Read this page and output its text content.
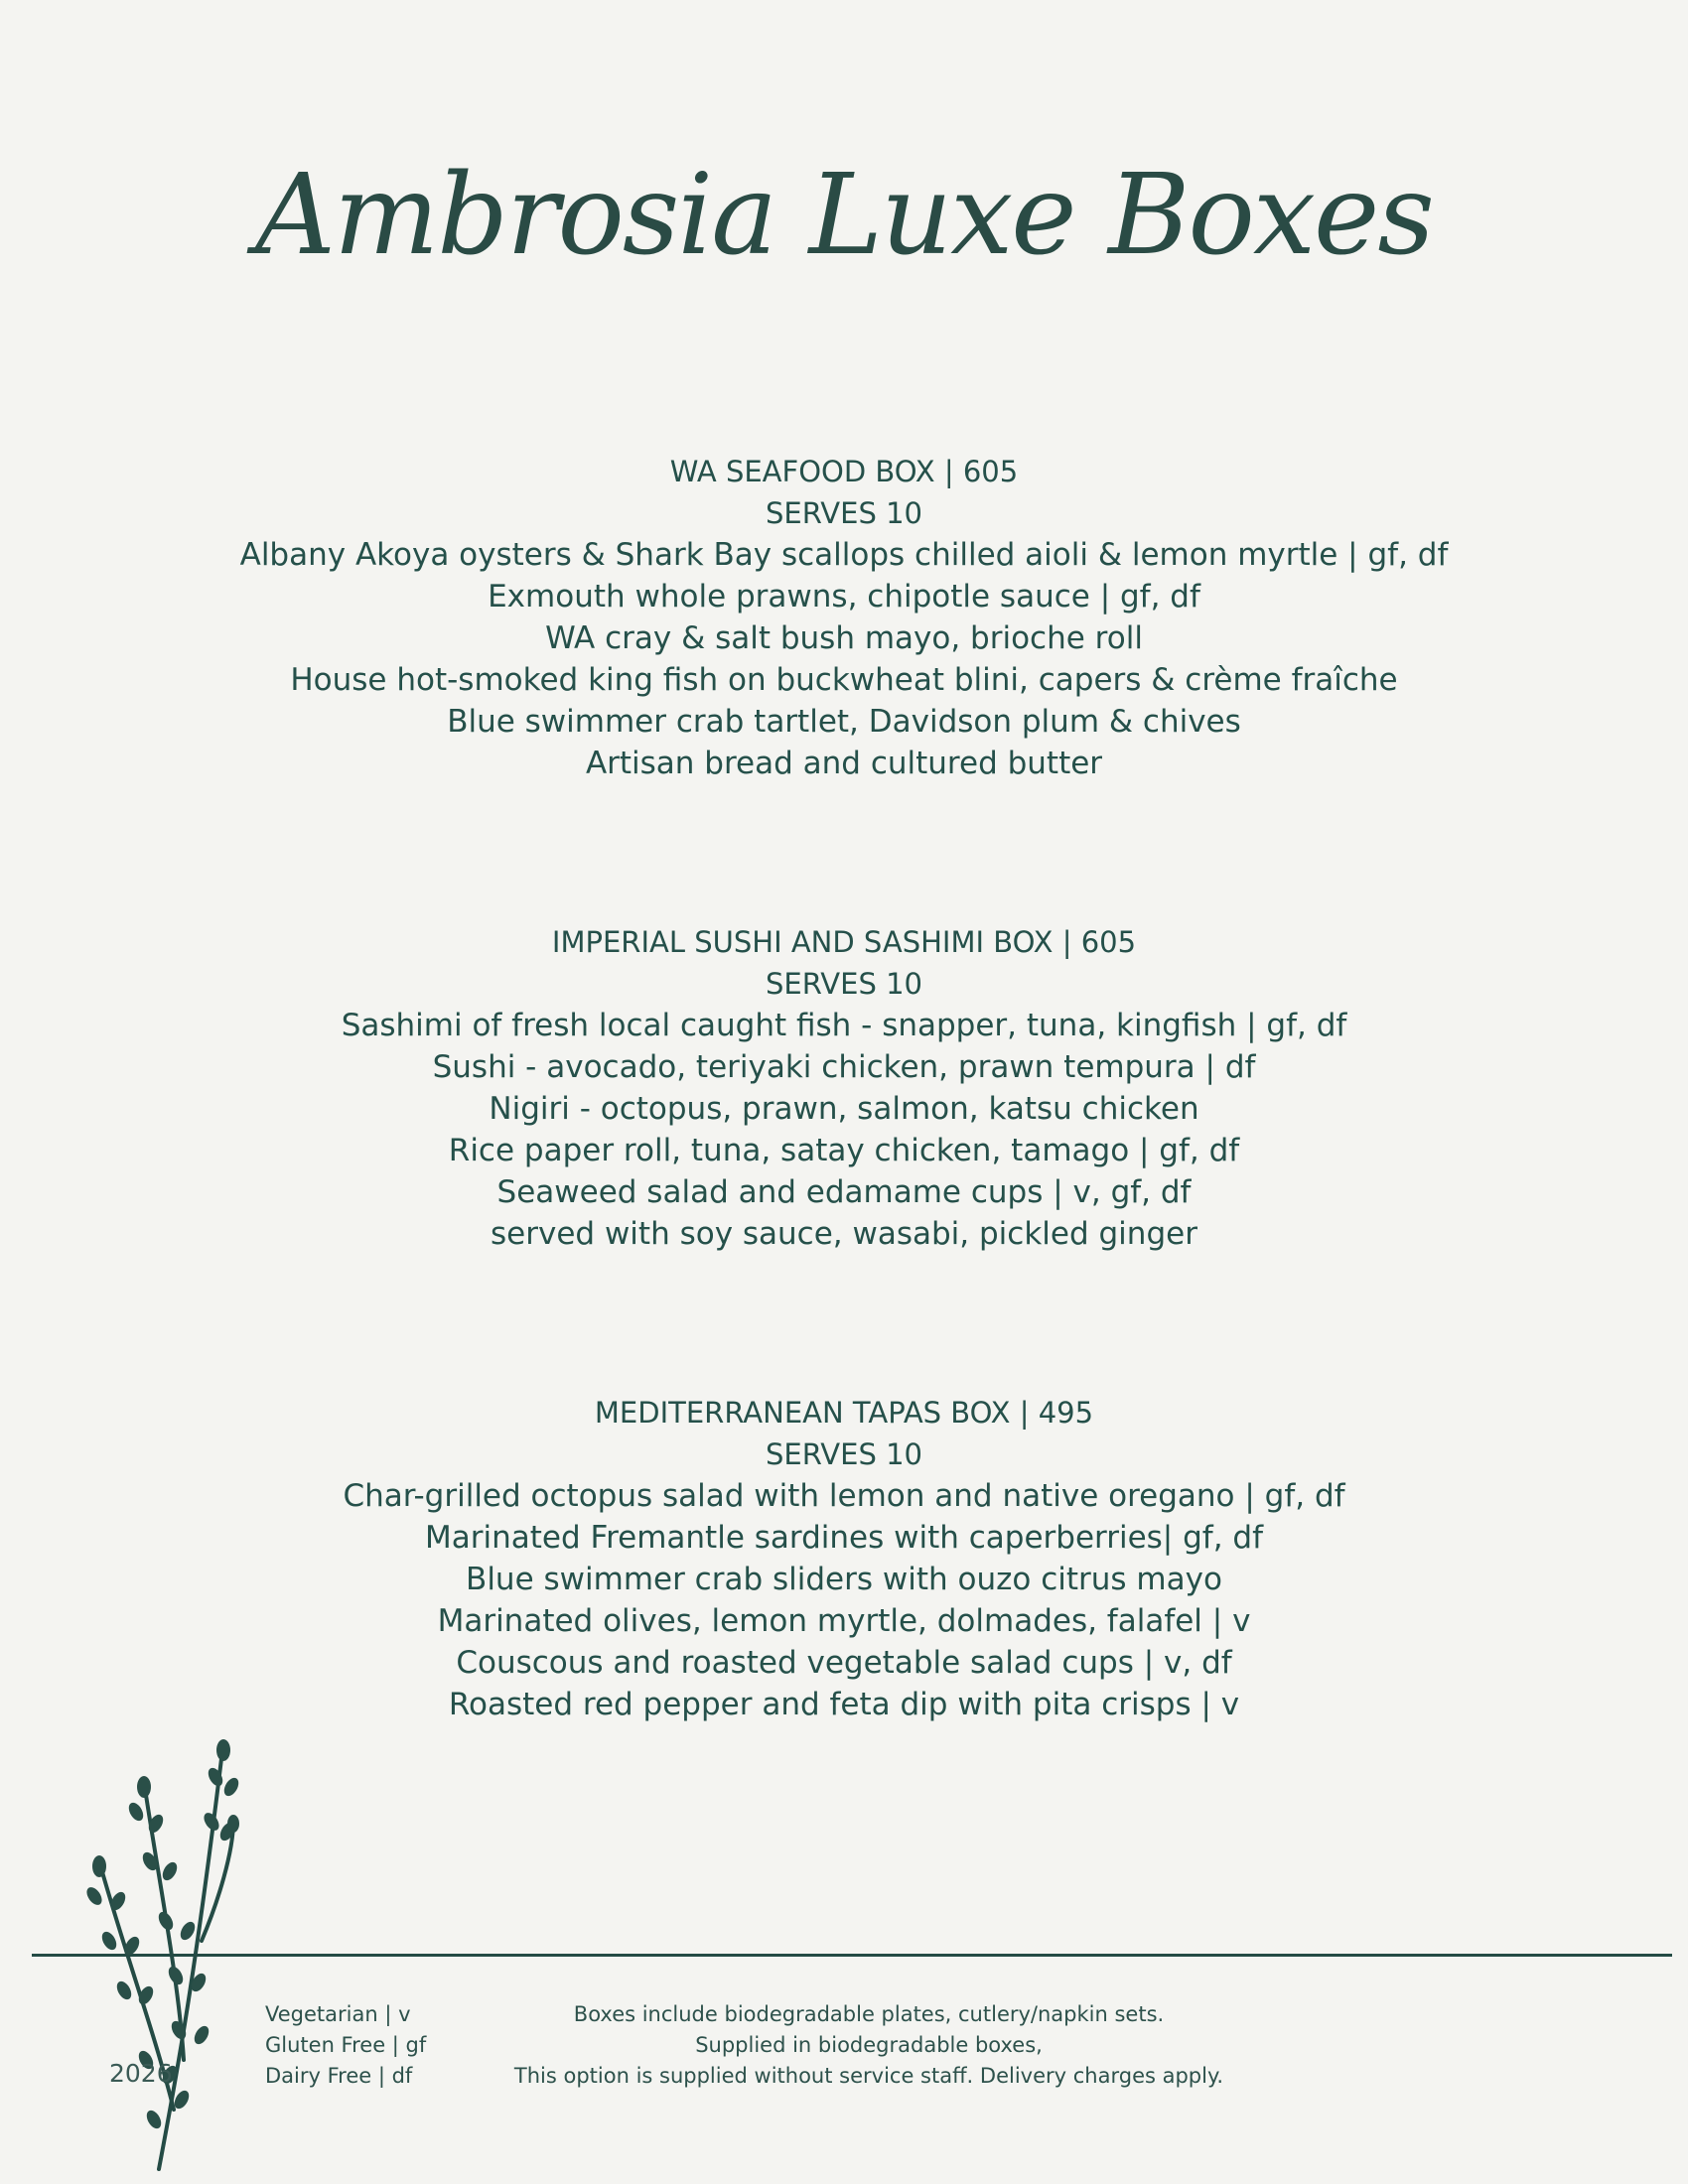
Ambrosia Luxe Boxes
WA SEAFOOD BOX | 605
SERVES 10
Albany Akoya oysters & Shark Bay scallops chilled aioli & lemon myrtle | gf, df
Exmouth whole prawns, chipotle sauce | gf, df
WA cray & salt bush mayo, brioche roll
House hot-smoked king fish on buckwheat blini, capers & crème fraîche
Blue swimmer crab tartlet, Davidson plum & chives
Artisan bread and cultured butter
IMPERIAL SUSHI AND SASHIMI BOX | 605
SERVES 10
Sashimi of fresh local caught fish - snapper, tuna, kingfish | gf, df
Sushi - avocado, teriyaki chicken, prawn tempura | df
Nigiri - octopus, prawn, salmon, katsu chicken
Rice paper roll, tuna, satay chicken, tamago | gf, df
Seaweed salad and edamame cups | v, gf, df
served with soy sauce, wasabi, pickled ginger
MEDITERRANEAN TAPAS BOX | 495
SERVES 10
Char-grilled octopus salad with lemon and native oregano | gf, df
Marinated Fremantle sardines with caperberries| gf, df
Blue swimmer crab sliders with ouzo citrus mayo
Marinated olives, lemon myrtle, dolmades, falafel | v
Couscous and roasted vegetable salad cups | v, df
Roasted red pepper and feta dip with pita crisps | v
2026
Vegetarian | v
Gluten Free | gf
Dairy Free | df
Boxes include biodegradable plates, cutlery/napkin sets.
Supplied in biodegradable boxes,
This option is supplied without service staff. Delivery charges apply.
